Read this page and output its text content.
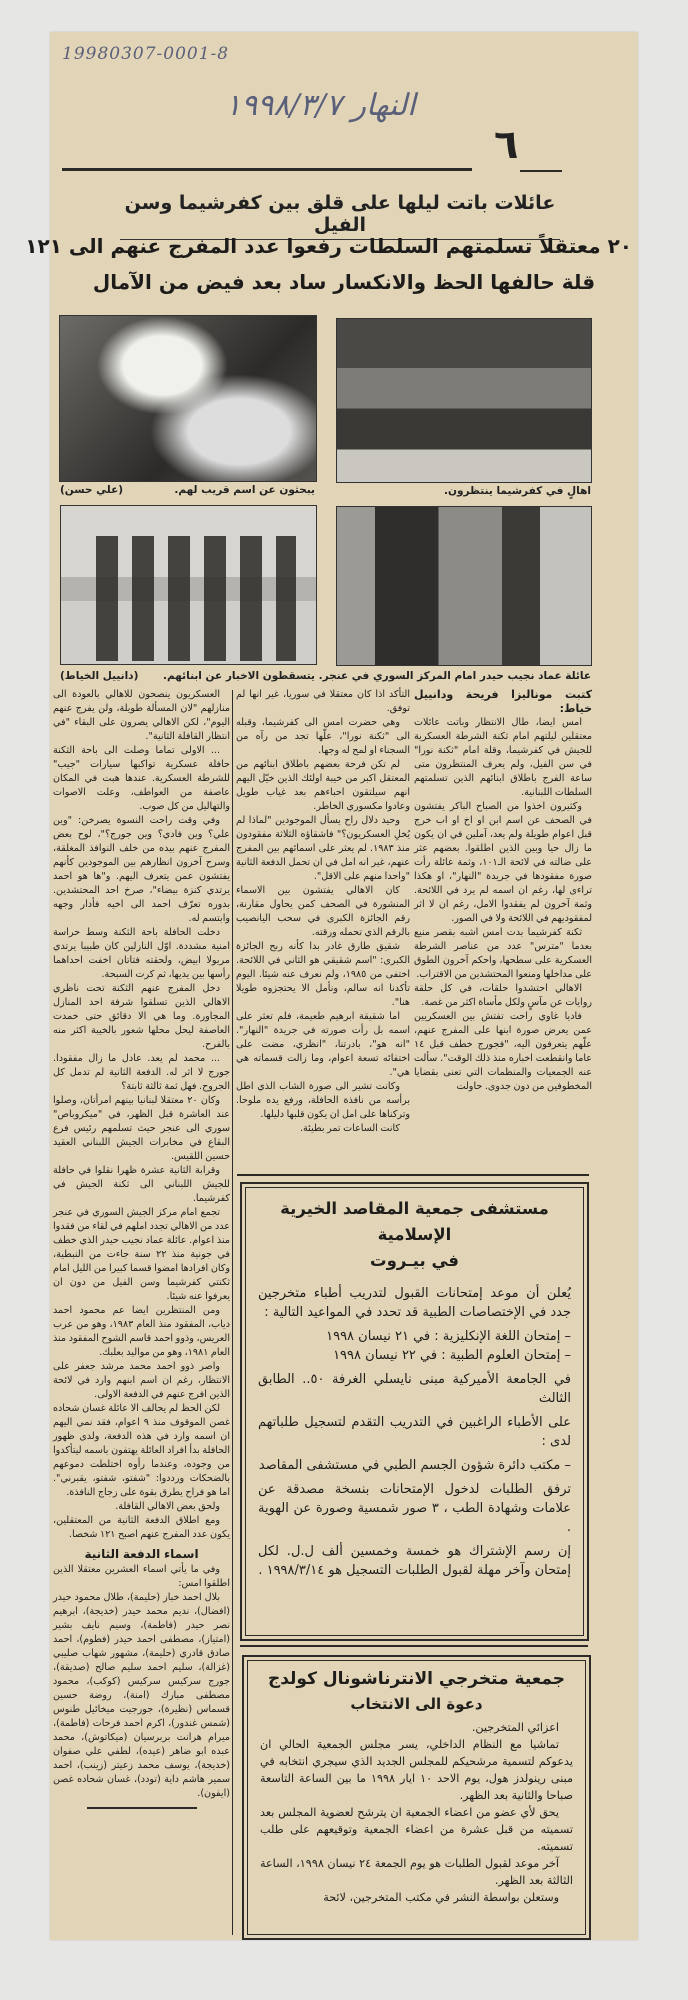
19980307-0001-8
النهار ١٩٩٨/٣/٧
٦
عائلات باتت ليلها على قلق بين كفرشيما وسن الفيل
٢٠ معتقلاً تسلمتهم السلطات رفعوا عدد المفرج عنهم الى ١٢١
قلة حالفها الحظ والانكسار ساد بعد فيض من الآمال
يبحثون عن اسم قريب لهم.
(علي حسن)	اهالٍ في كفرشيما ينتظرون.
يتسقطون الاخبار عن ابنائهم.
(دانييل الخياط)	عائلة عماد نجيب حيدر امام المركز السوري في عنجر.

كتبت موناليزا فريحة ودانييل خياط:

امس ايضا، طال الانتظار وباتت عائلات معتقلين ليلتهم امام ثكنة الشرطة العسكرية للجيش في كفرشيما، وقلة امام "ثكنة نورا" في سن الفيل، ولم يعرف المنتظرون متى ساعة الفرج باطلاق ابنائهم الذين تسلمتهم السلطات اللبنانية.

وكثيرون اخذوا من الصباح الباكر يفتشون في الصحف عن اسم ابن او اخ او اب خرج قبل اعوام طويلة ولم يعد، آملين في ان يكون ما زال حيا وبين الذين اطلقوا. بعضهم عثر على ضالته في لائحة الـ١٠١، وثمة عائلة رأت صورة مفقودها في جريدة "النهار"، او هكذا تراءى لها، رغم ان اسمه لم يرد في اللائحة. وثمة آخرون لم يفقدوا الامل، رغم ان لا اثر لمفقوديهم في اللائحة ولا في الصور.

ثكنة كفرشيما بدت امس اشبه بقصر منيع بعدما "مترس" عدد من عناصر الشرطة العسكرية على سطحها، واحكم آخرون الطوق على مداخلها ومنعوا المحتشدين من الاقتراب.

الاهالي احتشدوا حلقات، في كل حلقة روايات عن مآسٍ ولكل مأساة اكثر من غصة.

فاديا غاوي راحت تفتش بين العسكريين عمن يعرض صورة ابنها على المفرج عنهم، علّهم يتعرفون اليه، "فجورج خطف قبل ١٤ عاما وانقطعت اخباره منذ ذلك الوقت". سألت عنه الجمعيات والمنظمات التي تعنى بقضايا المخطوفين من دون جدوى. حاولت

التأكد اذا كان معتقلا في سوريا، غير انها لم توفق.

وهي حضرت امس الى كفرشيما، وقبله الى "ثكنة نورا"، علّها تجد من رآه من السجناء او لمح له وجها.

لم تكن فرحة بعضهم باطلاق ابنائهم من المعتقل اكبر من خيبة اولئك الذين خيّل اليهم انهم سيلتقون احباءهم بعد غياب طويل وعادوا مكسوري الخاطر.

وحيد دلال راح يسأل الموجودين "لماذا لم يُخلِ العسكريون؟" فاشقاؤه الثلاثة مفقودون منذ ١٩٨٣. لم يعثر على اسمائهم بين المفرج عنهم، غير انه امل في ان تحمل الدفعة الثانية "واحدا منهم على الاقل".

كان الاهالي يفتشون بين الاسماء المنشورة في الصحف كمن يحاول مقارنة، رقم الجائزة الكبرى في سحب اليانصيب بالرقم الذي تحمله ورقته.

شقيق طارق غادر بدا كأنه ربح الجائزة الكبرى: "اسم شقيقي هو الثاني في اللائحة. اختفى من ١٩٨٥، ولم نعرف عنه شيئا. اليوم تأكدنا انه سالم، ونأمل الا يحتجزوه طويلا هنا".

اما شقيقة ابرهيم طعيمة، فلم تعثر على اسمه بل رأت صورته في جريدة "النهار". "انه هو"، بادرتنا، "انظري، مضت على اختفائه تسعة اعوام، وما زالت قسماته هي هي".

وكانت تشير الى صورة الشاب الذي اطل برأسه من نافذة الحافلة، ورفع يده ملوحا. وتركناها على امل ان يكون قلبها دليلها.

كانت الساعات تمر بطيئة.

العسكريون ينصحون للاهالي بالعودة الى منازلهم "لان المسألة طويلة، ولن يفرج عنهم اليوم"، لكن الاهالي يصرون على البقاء "في انتظار القافلة الثانية".

... الاولى تماما وصلت الى باحة الثكنة حافلة عسكرية تواكبها سيارات "جيب" للشرطة العسكرية. عندها هبت في المكان عاصفة من العواطف، وعلت الاصوات والتهاليل من كل صوب.

وفي وقت راحت النسوة يصرخن: "وين علي؟ وين فادي؟ وين جورج؟"، لوح بعض المفرج عنهم بيده من خلف النوافذ المغلقة، وسرح آخرون انظارهم بين الموجودين كأنهم يفتشون عمن يتعرف اليهم. و"ها هو احمد يرتدي كنزة بيضاء"، صرخ احد المحتشدين. بدوره تعرّف احمد الى اخيه فأدار وجهه وابتسم له.

دخلت الحافلة باحة الثكنة وسط حراسة امنية مشددة. اوّل النازلين كان طبيبا يرتدي مريولا ابيض، ولحقته فتاتان اخفت احداهما رأسها بين يديها، ثم كرت السبحة.

دخل المفرج عنهم الثكنة تحت ناظري الاهالي الذين تسلقوا شرفة احد المنازل المجاورة. وما هي الا دقائق حتى خمدت العاصفة ليحل محلها شعور بالخيبة اكثر منه بالفرح.

... محمد لم يعد. عادل ما زال مفقودا. جورج لا اثر له. الدفعة الثانية لم تدمل كل الجروح. فهل ثمة ثالثة ثابتة؟

وكان ٢٠ معتقلا لبنانيا بينهم امرأتان، وصلوا عند العاشرة قبل الظهر، في "ميكروباص" سوري الى عنجر حيث تسلمهم رئيس فرع البقاع في مخابرات الجيش اللبناني العقيد حسين اللقيس.

وقرابة الثانية عشرة ظهرا نقلوا في حافلة للجيش اللبناني الى ثكنة الجيش في كفرشيما.

تجمع امام مركز الجيش السوري في عنجر عدد من الاهالي تجدد املهم في لقاء من فقدوا منذ اعوام. عائلة عماد نجيب حيدر الذي خطف في جونية منذ ٢٢ سنة جاءت من النبطية، وكان افرادها امضوا قسما كبيرا من الليل امام ثكنتي كفرشيما وسن الفيل من دون ان يعرفوا عنه شيئا.

ومن المنتظرين ايضا عم محمود احمد دياب، المفقود منذ العام ١٩٨٣، وهو من عرب العريس، وذوو احمد قاسم الشوح المفقود منذ العام ١٩٨١، وهو من مواليد بعلبك.

واصر ذوو احمد محمد مرشد جعفر على الانتظار، رغم ان اسم ابنهم وارد في لائحة الذين افرج عنهم في الدفعة الاولى.

لكن الحظ لم يحالف الا عائلة غسان شحاده غصن الموقوف منذ ٩ اعوام، فقد نمي اليهم ان اسمه وارد في هذه الدفعة، ولدى ظهور الحافلة بدأ افراد العائلة يهتفون باسمه ليتأكدوا من وجوده، وعندما رأوه اختلطت دموعهم بالضحكات ورددوا: "شفتو، شفتو، يقبرني". اما هو فراح يطرق بقوة على زجاج النافذة.

ولحق بعض الاهالي القافلة.

ومع اطلاق الدفعة الثانية من المعتقلين، يكون عدد المفرج عنهم اصبح ١٢١ شخصا.

اسماء الدفعة الثانية

وفي ما يأتي اسماء العشرين معتقلا الذين اطلقوا امس:

بلال احمد خباز (حليمة)، طلال محمود حيدر (افضال)، نديم محمد حيدر (خديجة)، ابرهيم نصر حيدر (فاطمة)، وسيم نايف بشير (امتياز)، مصطفى احمد حيدر (فطوم)، احمد صادق قادري (حليمة)، مشهور شهاب صليبي (غزالة)، سليم احمد سليم صالح (صديقة)، جورج سركيس سركيس (كوكب)، محمود مصطفى مبارك (امنة)، روضة حسين قسماس (نظيرة)، جورجيت ميخائيل طنوس (شمس غندور)، اكرم احمد فرحات (فاطمة)، ميرام هرانت بربرسيان (ميكاتوش)، محمد عبده ابو ضاهر (عيده)، لطفي علي صفوان (خديجة)، يوسف محمد زعيتر (زينب)، احمد سمير هاشم داية (تودد)، غسان شحاده غصن (ايفون).

مستشفى جمعية المقاصد الخيرية الإسلامية
في بيـروت

يُعلن أن موعد إمتحانات القبول لتدريب أطباء متخرجين جدد في الإختصاصات الطبية قد تحدد في المواعيد التالية :

– إمتحان اللغة الإنكليزية : في ٢١ نيسان ١٩٩٨

– إمتحان العلوم الطبية : في ٢٢ نيسان ١٩٩٨

في الجامعة الأميركية مبنى نايسلي الغرفة ٥٠.. الطابق الثالث

على الأطباء الراغبين في التدريب التقدم لتسجيل طلباتهم لدى :

– مكتب دائرة شؤون الجسم الطبي في مستشفى المقاصد

ترفق الطلبات لدخول الإمتحانات بنسخة مصدقة عن علامات وشهادة الطب ، ٣ صور شمسية وصورة عن الهوية .

إن رسم الإشتراك هو خمسة وخمسين ألف ل.ل. لكل إمتحان وآخر مهلة لقبول الطلبات التسجيل هو ١٩٩٨/٣/١٤ .

جمعية متخرجي الانترناشونال كولدج
دعوة الى الانتخاب

اعزائي المتخرجين.

تماشيا مع النظام الداخلي، يسر مجلس الجمعية الحالي ان يدعوكم لتسمية مرشحيكم للمجلس الجديد الذي سيجري انتخابه في مبنى رينولدز هول، يوم الاحد ١٠ ايار ١٩٩٨ ما بين الساعة التاسعة صباحا والثانية بعد الظهر.

يحق لأي عضو من اعضاء الجمعية ان يترشح لعضوية المجلس بعد تسميته من قبل عشرة من اعضاء الجمعية وتوقيعهم على طلب تسميته.

آخر موعد لقبول الطلبات هو يوم الجمعة ٢٤ نيسان ١٩٩٨، الساعة الثالثة بعد الظهر.

وستعلن بواسطة النشر في مكتب المتخرجين، لائحة
